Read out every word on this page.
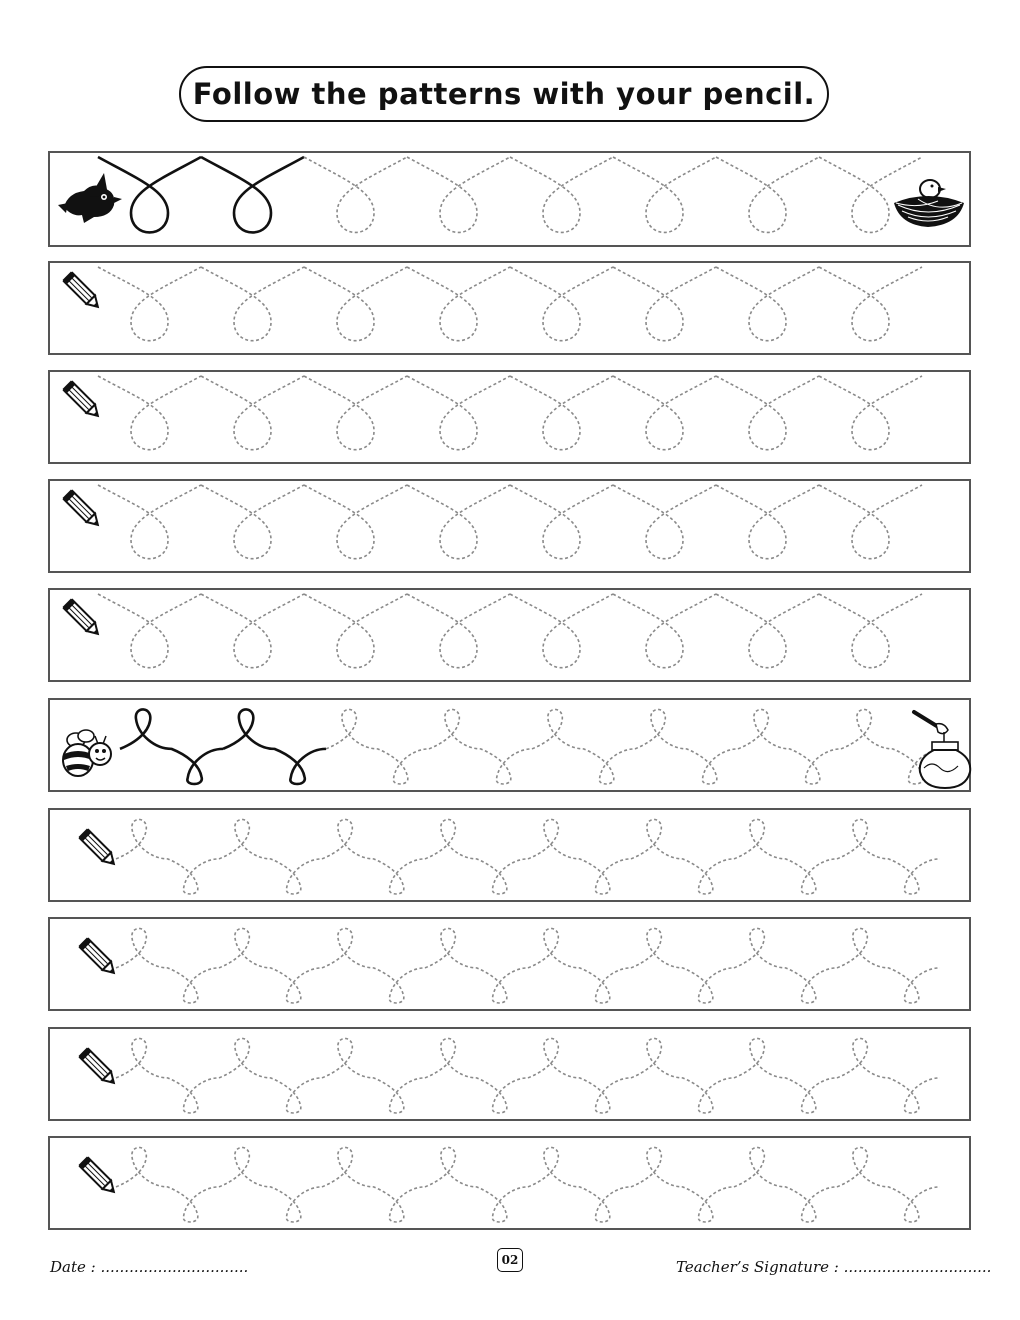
Follow the patterns with your pencil.
Date : ...............................	02	Teacher’s Signature : ...............................
